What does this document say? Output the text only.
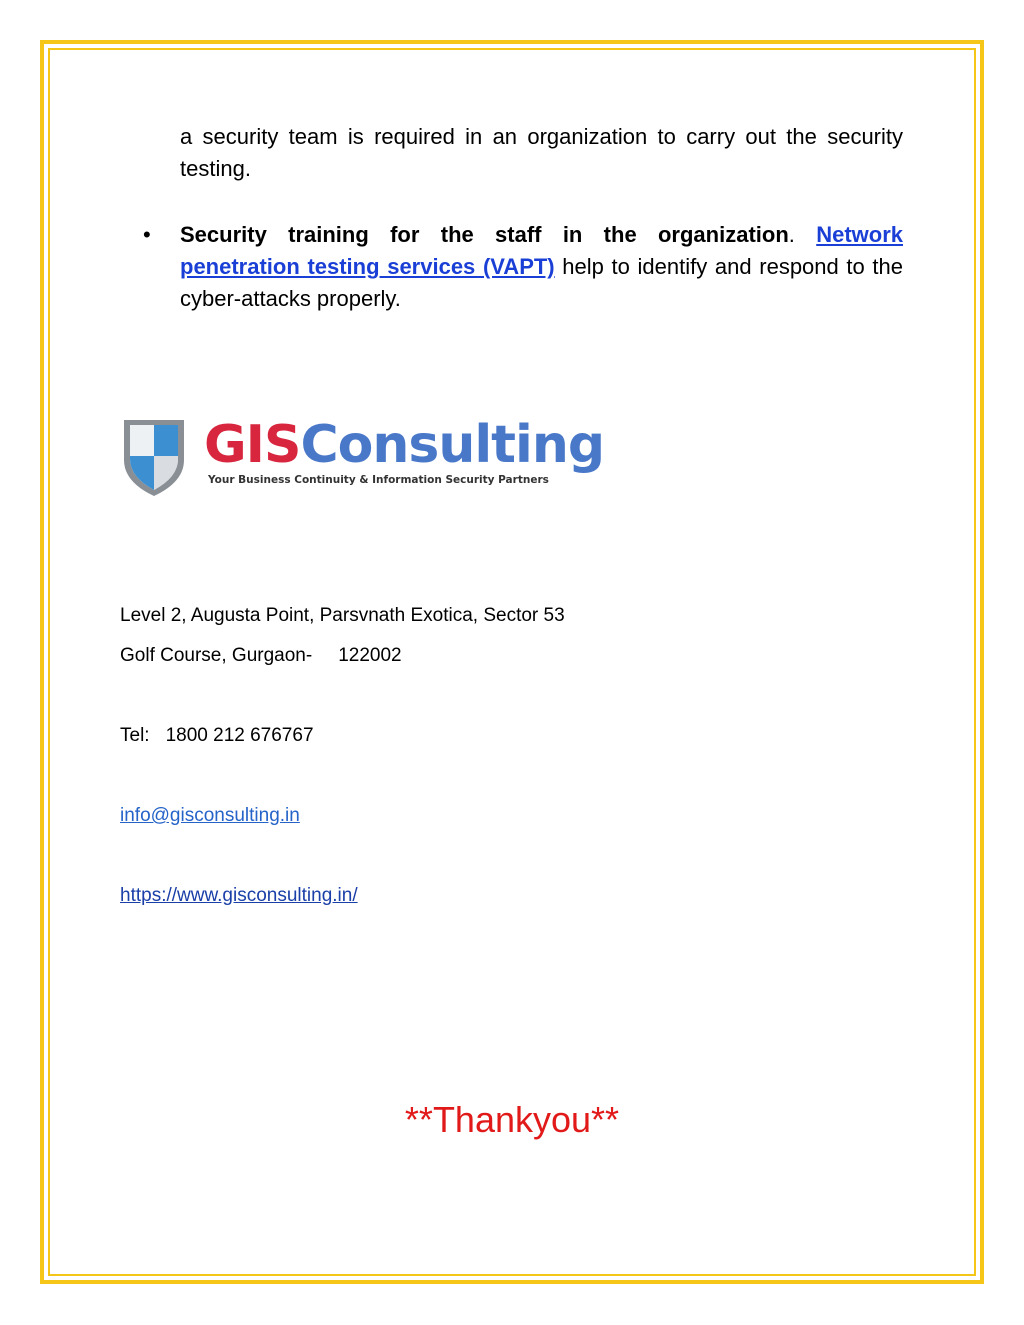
a security team is required in an organization to carry out the security testing.

• Security training for the staff in the organization. Network penetration testing services (VAPT) help to identify and respond to the cyber-attacks properly.

GISConsulting
Your Business Continuity & Information Security Partners
Level 2, Augusta Point, Parsvnath Exotica, Sector 53
Golf Course, Gurgaon- 122002
Tel: 1800 212 676767
info@gisconsulting.in
https://www.gisconsulting.in/
**Thankyou**
